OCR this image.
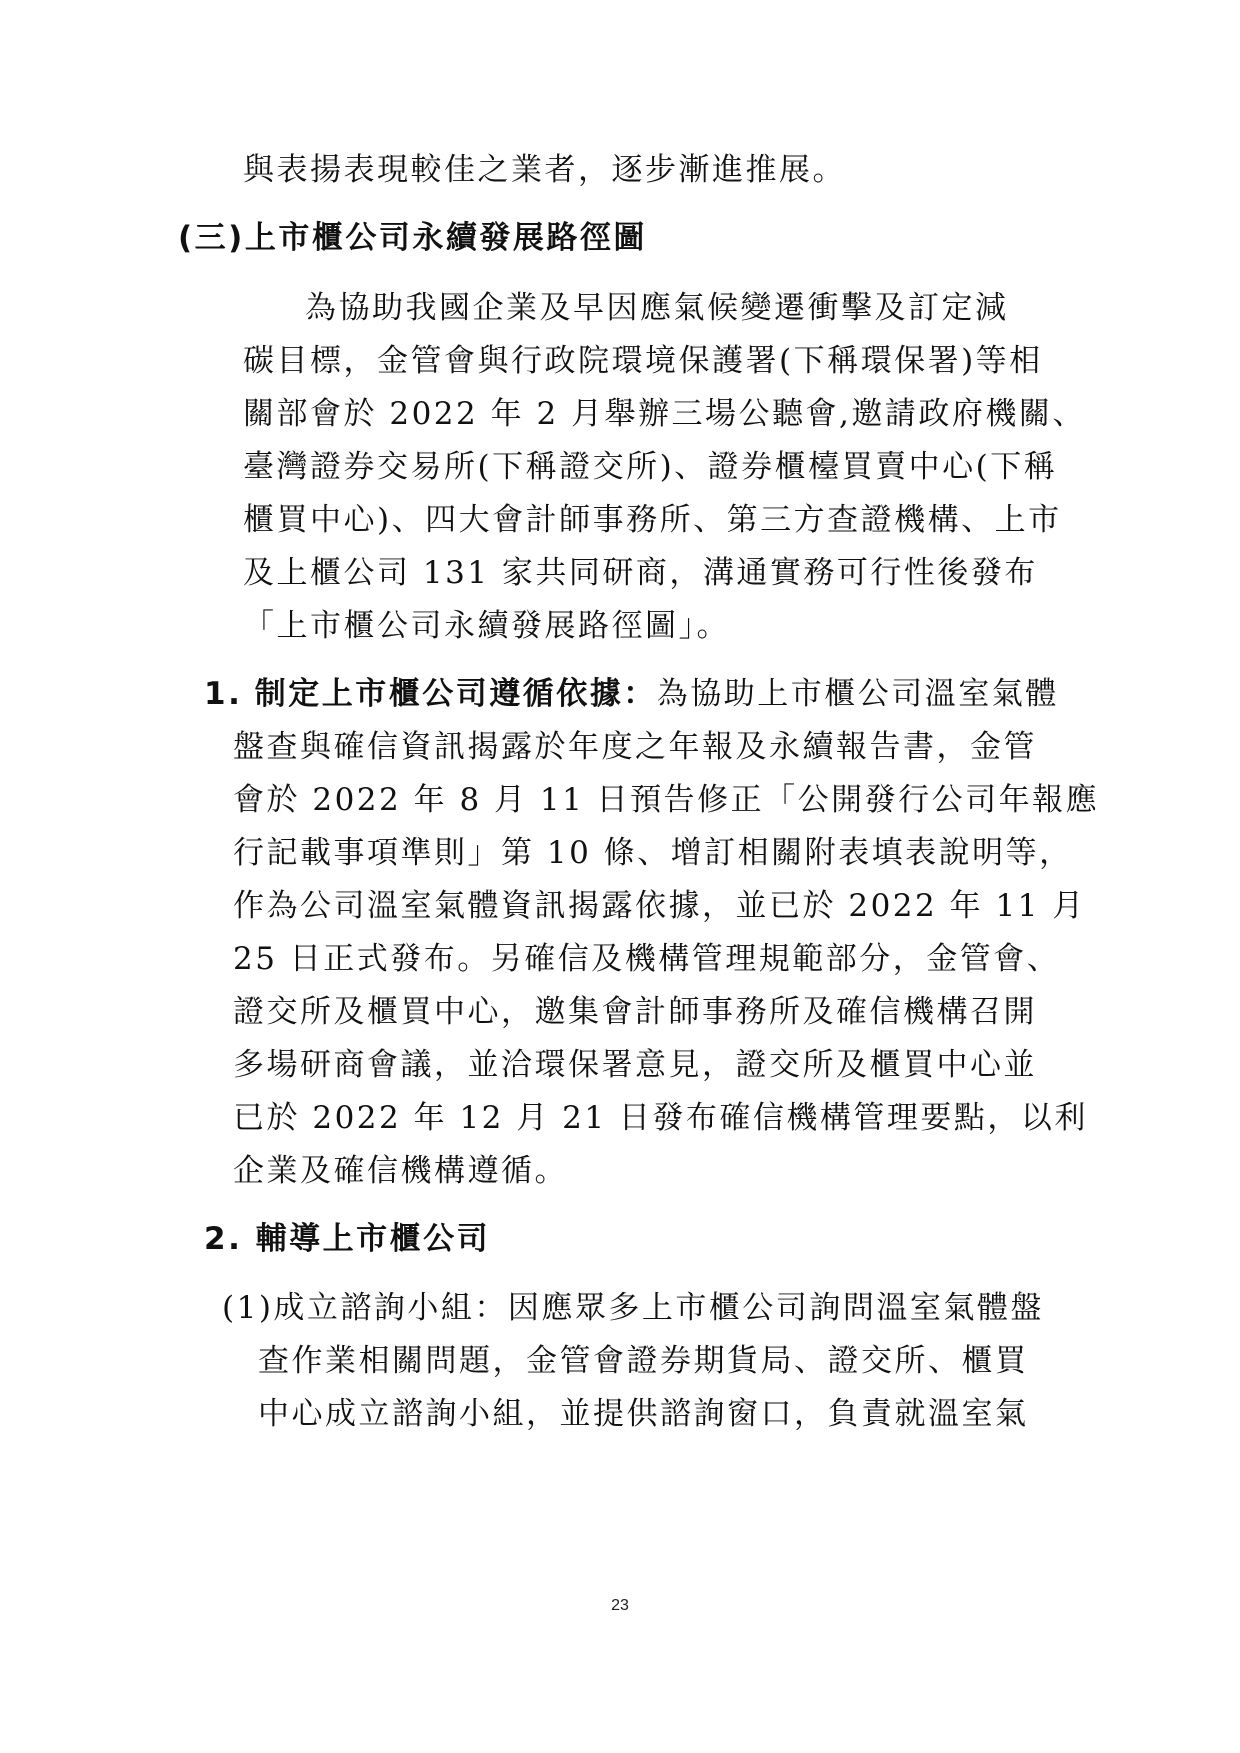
與表揚表現較佳之業者，逐步漸進推展。
(三)上市櫃公司永續發展路徑圖
為協助我國企業及早因應氣候變遷衝擊及訂定減
碳目標，金管會與行政院環境保護署(下稱環保署)等相
關部會於 2022 年 2 月舉辦三場公聽會,邀請政府機關、
臺灣證券交易所(下稱證交所)、證券櫃檯買賣中心(下稱
櫃買中心)、四大會計師事務所、第三方查證機構、上市
及上櫃公司 131 家共同研商，溝通實務可行性後發布
「上市櫃公司永續發展路徑圖」。
1. 制定上市櫃公司遵循依據：為協助上市櫃公司溫室氣體
盤查與確信資訊揭露於年度之年報及永續報告書，金管
會於 2022 年 8 月 11 日預告修正「公開發行公司年報應
行記載事項準則」第 10 條、增訂相關附表填表說明等，
作為公司溫室氣體資訊揭露依據，並已於 2022 年 11 月
25 日正式發布。另確信及機構管理規範部分，金管會、
證交所及櫃買中心，邀集會計師事務所及確信機構召開
多場研商會議，並洽環保署意見，證交所及櫃買中心並
已於 2022 年 12 月 21 日發布確信機構管理要點，以利
企業及確信機構遵循。
2. 輔導上市櫃公司
(1)成立諮詢小組：因應眾多上市櫃公司詢問溫室氣體盤
查作業相關問題，金管會證券期貨局、證交所、櫃買
中心成立諮詢小組，並提供諮詢窗口，負責就溫室氣
23
